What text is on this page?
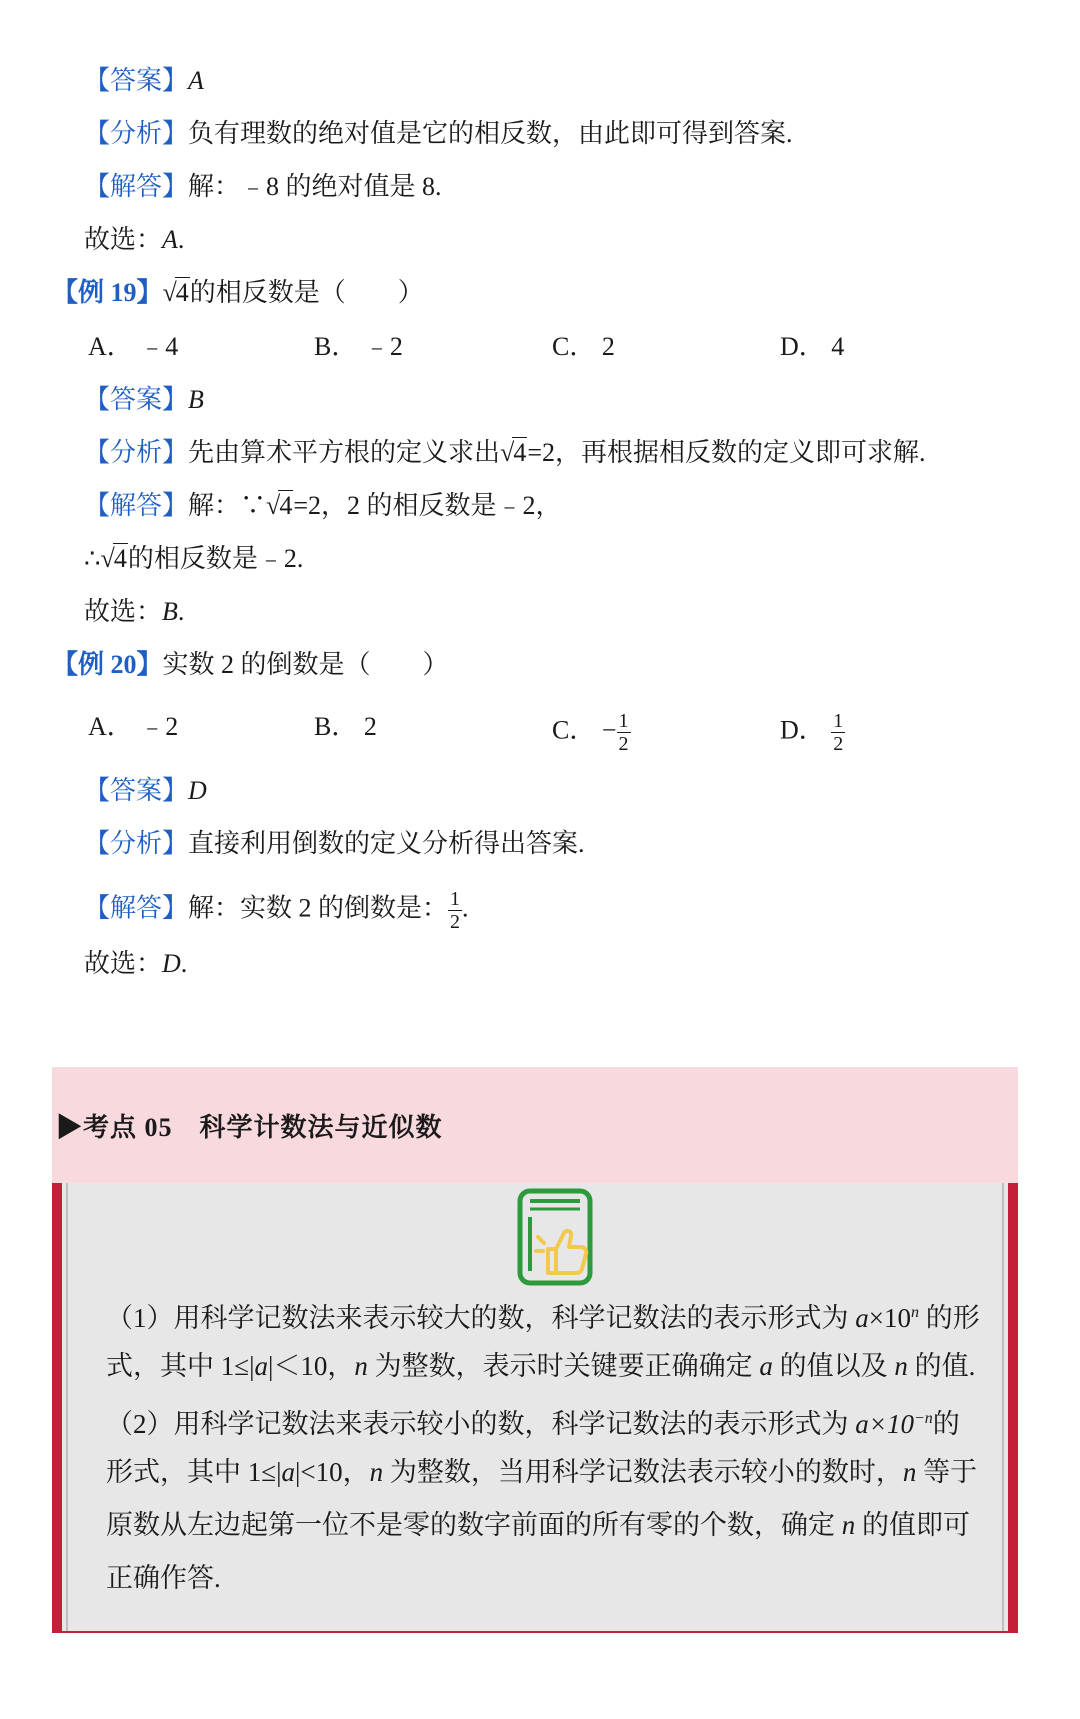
【答案】A
【分析】负有理数的绝对值是它的相反数，由此即可得到答案.
【解答】解：﹣8 的绝对值是 8.
故选：A.
【例 19】√4的相反数是（　　）
A． ﹣4	B． ﹣2	C． 2	D． 4
【答案】B
【分析】先由算术平方根的定义求出√4=2，再根据相反数的定义即可求解.
【解答】解：∵√4=2，2 的相反数是﹣2，
∴√4的相反数是﹣2.
故选：B.
【例 20】实数 2 的倒数是（　　）
A． ﹣2	B． 2	C． − $\frac{1}{2}$	D． $\frac{1}{2}$
【答案】D
【分析】直接利用倒数的定义分析得出答案.
【解答】解：实数 2 的倒数是： $\frac{1}{2}$ .
故选：D.
▶考点 05　科学计数法与近似数
（1）用科学记数法来表示较大的数，科学记数法的表示形式为 $a\times 10^n$ 的形
式，其中 1≤|a|＜10，n 为整数，表示时关键要正确确定 a 的值以及 n 的值.
（2）用科学记数法来表示较小的数，科学记数法的表示形式为 $a\times 10^{-n}$的
形式，其中 1≤|a|<10，n 为整数，当用科学记数法表示较小的数时，n 等于
原数从左边起第一位不是零的数字前面的所有零的个数，确定 n 的值即可
正确作答.
